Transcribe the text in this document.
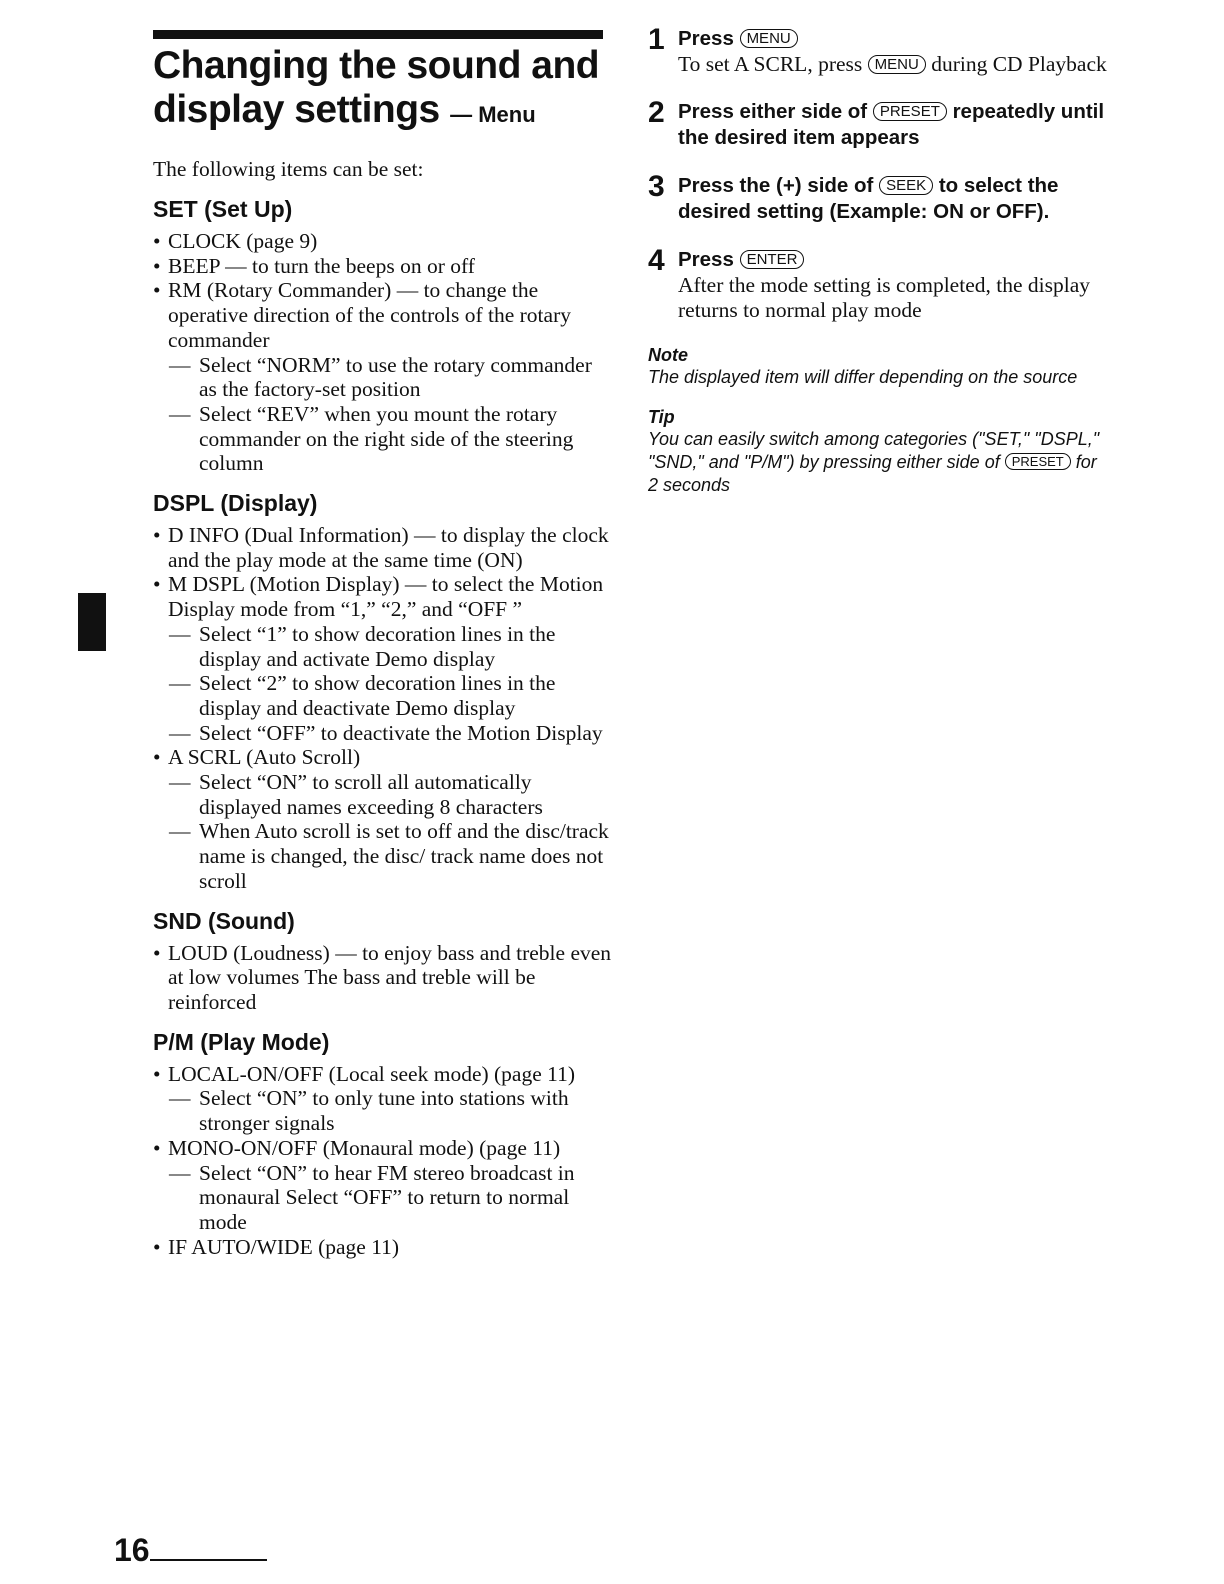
Changing the sound and
display settings — Menu

The following items can be set:

SET (Set Up)
• CLOCK (page 9)
• BEEP — to turn the beeps on or off
• RM (Rotary Commander) — to change the operative direction of the controls of the rotary commander
— Select “NORM” to use the rotary commander as the factory-set position
— Select “REV” when you mount the rotary commander on the right side of the steering column
DSPL (Display)
• D INFO (Dual Information) — to display the clock and the play mode at the same time (ON)
• M DSPL (Motion Display) — to select the Motion Display mode from “1,” “2,” and “OFF ”
— Select “1” to show decoration lines in the display and activate Demo display
— Select “2” to show decoration lines in the display and deactivate Demo display
— Select “OFF” to deactivate the Motion Display
• A SCRL (Auto Scroll)
— Select “ON” to scroll all automatically displayed names exceeding 8 characters
— When Auto scroll is set to off and the disc/track name is changed, the disc/ track name does not scroll
SND (Sound)
• LOUD (Loudness) — to enjoy bass and treble even at low volumes The bass and treble will be reinforced
P/M (Play Mode)
• LOCAL-ON/OFF (Local seek mode) (page 11)
— Select “ON” to only tune into stations with stronger signals
• MONO-ON/OFF (Monaural mode) (page 11)
— Select “ON” to hear FM stereo broadcast in monaural Select “OFF” to return to normal mode
• IF AUTO/WIDE (page 11)
1 Press MENU
To set A SCRL, press MENU during CD Playback
2 Press either side of PRESET repeatedly until the desired item appears
3 Press the (+) side of SEEK to select the desired setting (Example: ON or OFF).
4 Press ENTER
After the mode setting is completed, the display returns to normal play mode
Note
The displayed item will differ depending on the source
Tip
You can easily switch among categories ("SET," "DSPL," "SND," and "P/M") by pressing either side of PRESET for 2 seconds
16
